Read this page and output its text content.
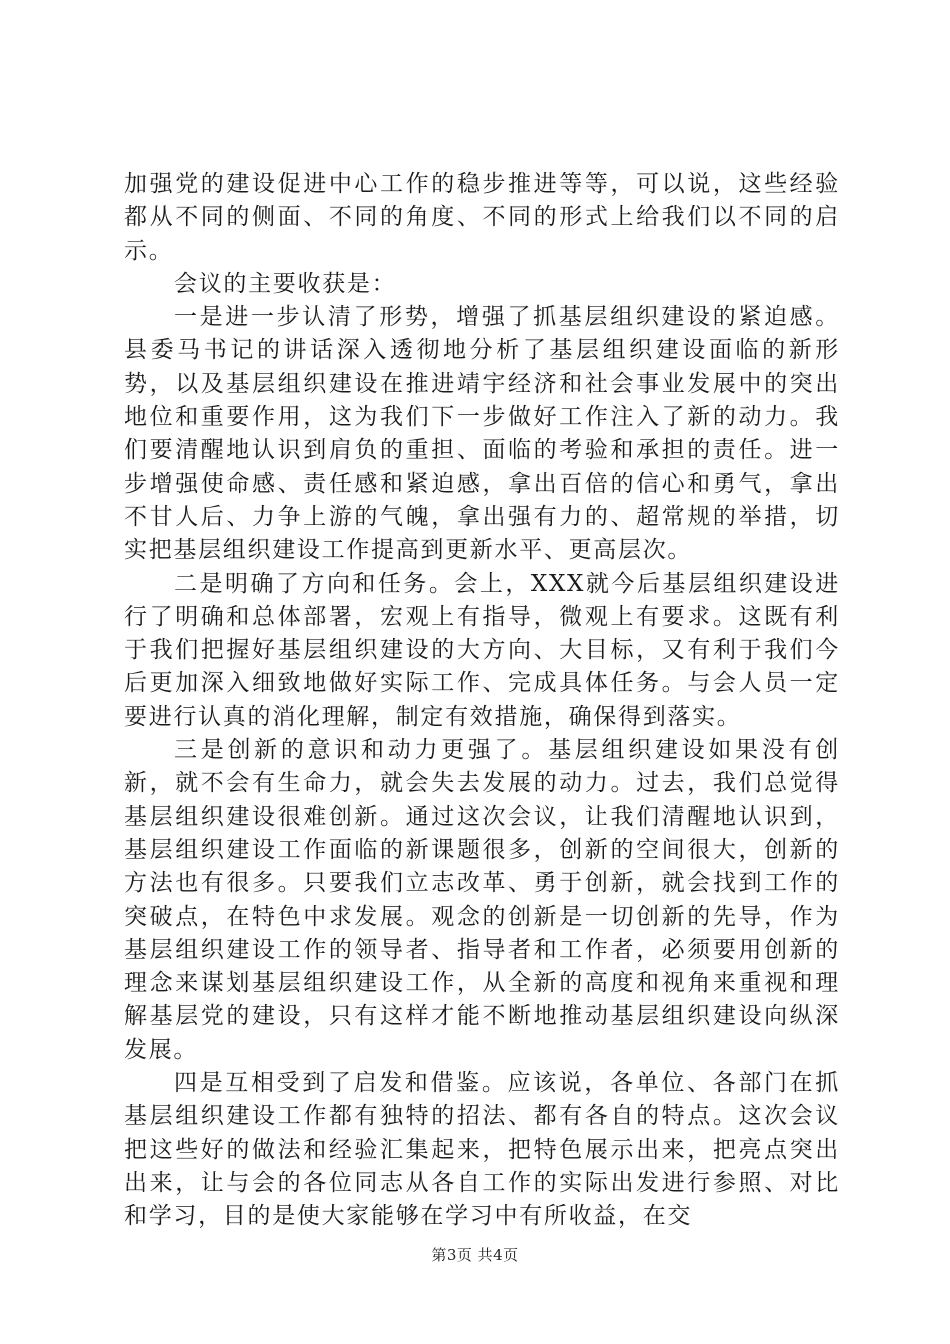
加强党的建设促进中心工作的稳步推进等等，可以说，这些经验都从不同的侧面、不同的角度、不同的形式上给我们以不同的启示。

会议的主要收获是：

一是进一步认清了形势，增强了抓基层组织建设的紧迫感。县委马书记的讲话深入透彻地分析了基层组织建设面临的新形势，以及基层组织建设在推进靖宇经济和社会事业发展中的突出地位和重要作用，这为我们下一步做好工作注入了新的动力。我们要清醒地认识到肩负的重担、面临的考验和承担的责任。进一步增强使命感、责任感和紧迫感，拿出百倍的信心和勇气，拿出不甘人后、力争上游的气魄，拿出强有力的、超常规的举措，切实把基层组织建设工作提高到更新水平、更高层次。

二是明确了方向和任务。会上，XXX就今后基层组织建设进行了明确和总体部署，宏观上有指导，微观上有要求。这既有利于我们把握好基层组织建设的大方向、大目标，又有利于我们今后更加深入细致地做好实际工作、完成具体任务。与会人员一定要进行认真的消化理解，制定有效措施，确保得到落实。

三是创新的意识和动力更强了。基层组织建设如果没有创新，就不会有生命力，就会失去发展的动力。过去，我们总觉得基层组织建设很难创新。通过这次会议，让我们清醒地认识到，基层组织建设工作面临的新课题很多，创新的空间很大，创新的方法也有很多。只要我们立志改革、勇于创新，就会找到工作的突破点，在特色中求发展。观念的创新是一切创新的先导，作为基层组织建设工作的领导者、指导者和工作者，必须要用创新的理念来谋划基层组织建设工作，从全新的高度和视角来重视和理解基层党的建设，只有这样才能不断地推动基层组织建设向纵深发展。

四是互相受到了启发和借鉴。应该说，各单位、各部门在抓基层组织建设工作都有独特的招法、都有各自的特点。这次会议把这些好的做法和经验汇集起来，把特色展示出来，把亮点突出出来，让与会的各位同志从各自工作的实际出发进行参照、对比和学习，目的是使大家能够在学习中有所收益，在交

第3页 共4页
